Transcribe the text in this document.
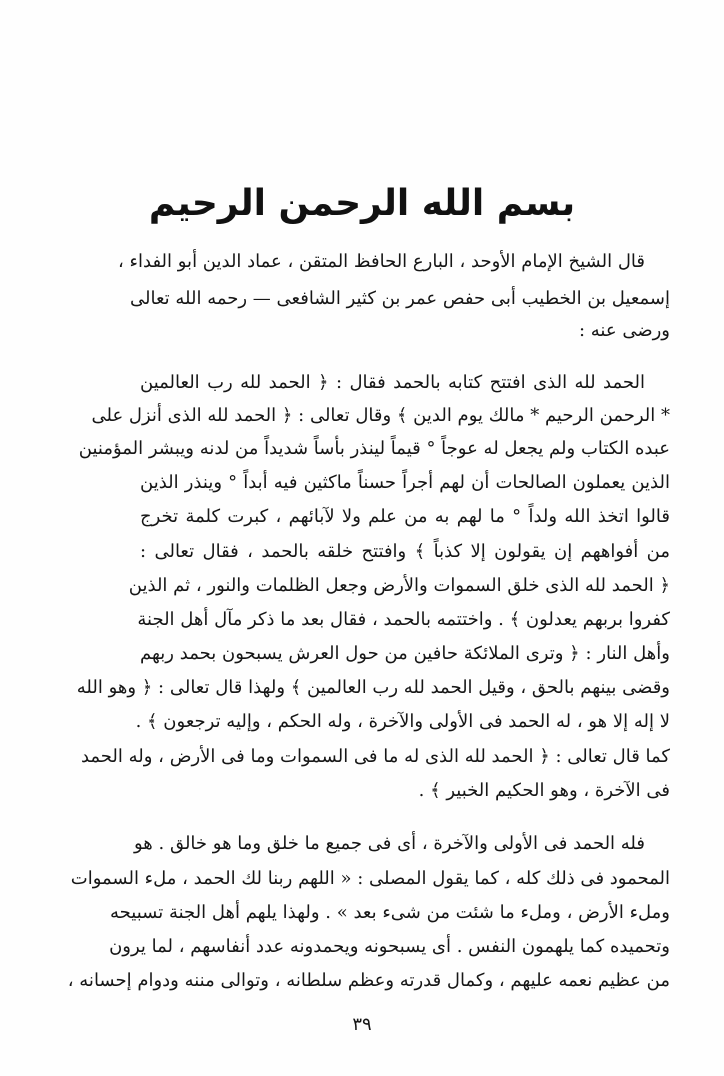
بسم الله الرحمن الرحيم
قال الشيخ الإمام الأوحد ، البارع الحافظ المتقن ، عماد الدين أبو الفداء ،
إسمعيل بن الخطيب أبى حفص عمر بن كثير الشافعى — رحمه الله تعالى
ورضى عنه :
الحمد لله الذى افتتح كتابه بالحمد فقال : ﴿ الحمد لله رب العالمين
* الرحمن الرحيم * مالك يوم الدين ﴾ وقال تعالى : ﴿ الحمد لله الذى أنزل على
عبده الكتاب ولم يجعل له عوجاً ° قيماً لينذر بأساً شديداً من لدنه ويبشر المؤمنين
الذين يعملون الصالحات أن لهم أجراً حسناً ماكثين فيه أبداً ° وينذر الذين
قالوا اتخذ الله ولداً ° ما لهم به من علم ولا لآبائهم ، كبرت كلمة تخرج
من أفواههم إن يقولون إلا كذباً ﴾ وافتتح خلقه بالحمد ، فقال تعالى :
﴿ الحمد لله الذى خلق السموات والأرض وجعل الظلمات والنور ، ثم الذين
كفروا بربهم يعدلون ﴾ . واختتمه بالحمد ، فقال بعد ما ذكر مآل أهل الجنة
وأهل النار : ﴿ وترى الملائكة حافين من حول العرش يسبحون بحمد ربهم
وقضى بينهم بالحق ، وقيل الحمد لله رب العالمين ﴾ ولهذا قال تعالى : ﴿ وهو الله
لا إله إلا هو ، له الحمد فى الأولى والآخرة ، وله الحكم ، وإليه ترجعون ﴾ .
كما قال تعالى : ﴿ الحمد لله الذى له ما فى السموات وما فى الأرض ، وله الحمد
فى الآخرة ، وهو الحكيم الخبير ﴾ .
فله الحمد فى الأولى والآخرة ، أى فى جميع ما خلق وما هو خالق . هو
المحمود فى ذلك كله ، كما يقول المصلى : « اللهم ربنا لك الحمد ، ملء السموات
وملء الأرض ، وملء ما شئت من شىء بعد » . ولهذا يلهم أهل الجنة تسبيحه
وتحميده كما يلهمون النفس . أى يسبحونه ويحمدونه عدد أنفاسهم ، لما يرون
من عظيم نعمه عليهم ، وكمال قدرته وعظم سلطانه ، وتوالى مننه ودوام إحسانه ،
٣٩
